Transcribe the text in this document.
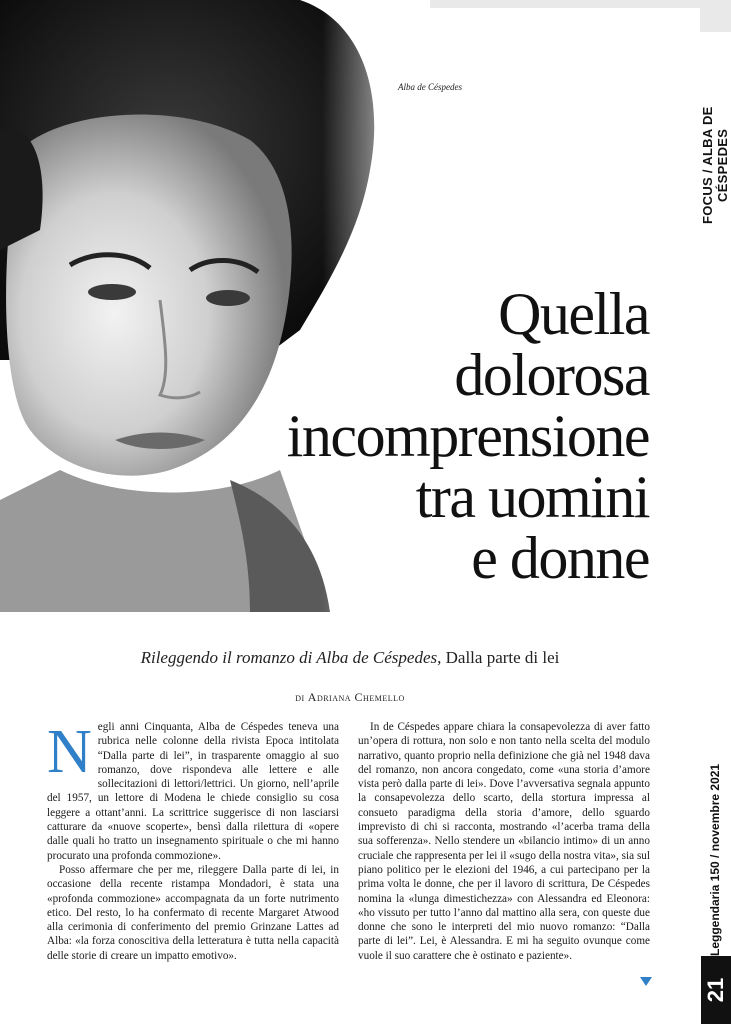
FOCUS / ALBA DE CÉSPEDES
Leggendaria 150 / novembre 2021
21
Alba de Céspedes
Quella
dolorosa
incomprensione
tra uomini
e donne
Rileggendo il romanzo di Alba de Céspedes, Dalla parte di lei
di Adriana Chemello

Negli anni Cinquanta, Alba de Céspedes teneva una rubrica nelle colonne della rivista Epoca intitolata “Dalla parte di lei”, in trasparente omaggio al suo romanzo, dove rispondeva alle lettere e alle sollecitazioni di lettori/lettrici. Un giorno, nell’aprile del 1957, un lettore di Modena le chiede consiglio su cosa leggere a ottant’anni. La scrittrice suggerisce di non lasciarsi catturare da «nuove scoperte», bensì dalla rilettura di «opere dalle quali ho tratto un insegnamento spirituale o che mi hanno procurato una profonda commozione».

Posso affermare che per me, rileggere Dalla parte di lei, in occasione della recente ristampa Mondadori, è stata una «profonda commozione» accompagnata da un forte nutrimento etico. Del resto, lo ha confermato di recente Margaret Atwood alla cerimonia di conferimento del premio Grinzane Lattes ad Alba: «la forza conoscitiva della letteratura è tutta nella capacità delle storie di creare un impatto emotivo».

In de Céspedes appare chiara la consapevolezza di aver fatto un’opera di rottura, non solo e non tanto nella scelta del modulo narrativo, quanto proprio nella definizione che già nel 1948 dava del romanzo, non ancora congedato, come «una storia d’amore vista però dalla parte di lei». Dove l’avversativa segnala appunto la consapevolezza dello scarto, della stortura impressa al consueto paradigma della storia d’amore, dello sguardo imprevisto di chi si racconta, mostrando «l’acerba trama della sua sofferenza». Nello stendere un «bilancio intimo» di un anno cruciale che rappresenta per lei il «sugo della nostra vita», sia sul piano politico per le elezioni del 1946, a cui partecipano per la prima volta le donne, che per il lavoro di scrittura, De Céspedes nomina la «lunga dimestichezza» con Alessandra ed Eleonora: «ho vissuto per tutto l’anno dal mattino alla sera, con queste due donne che sono le interpreti del mio nuovo romanzo: “Dalla parte di lei”. Lei, è Alessandra. E mi ha seguito ovunque come vuole il suo carattere che è ostinato e paziente».
